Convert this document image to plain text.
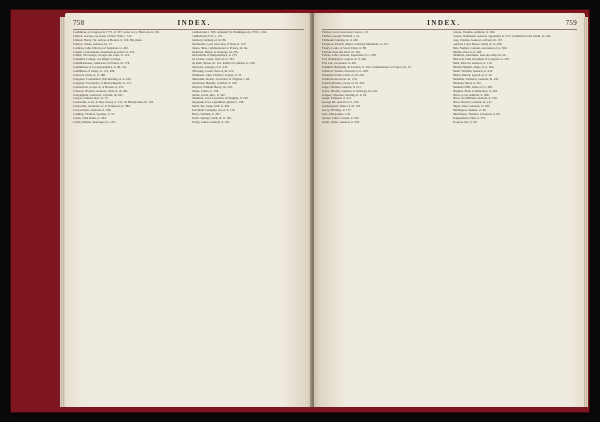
758	INDEX.

Committee at Congress in 1775, ii. 337. Letter of, to Hancock, ii. 345.

Clinton, George, Governor of New York, i. 512.

Clinton, Henry, Sir, arrives at Boston, ii. 210. His plans.

Clinton, James, General, iii. 17.

Cochran, John, Director of hospitals, iv. 202.

Colden, Cadwallader, lieutenant-governor, ii. 231.

Collier, Sir George, ravages the coast, iv. 114.

Columbia College, see King's College.

Commissioners, American, in France, iii. 178.

Committees of Correspondence, ii. 96, 132.

Committee of Safety, ii. 174, 208.

Concord, battle of, ii. 188.

Congress, Continental, first meeting of, ii. 160.

Congress, Provincial, of Massachusetts, ii. 171.

Connecticut, troops of, at Boston, ii. 252.

Conway, Thomas, General, cabal of, iii. 281.

Conyngham, Gustavus, Captain, iii. 201.

Cooper, Samuel, Rev., ii. 57.

Cornwallis, Lord, in New Jersey, ii. 412. At Brandywine, iii. 150.

Cornwallis, surrender of, at Yorktown, iv. 389.

Crown Point, captured, ii. 198.

Cushing, Thomas, Speaker, ii. 74.

Custis, John Parke, iv. 393.

Custis, Martha, marriage of, i. 221.

Cumberland, i. 380. Attended by Washington in 1756, i. 292.

Cumberland, Fort, i. 131.

Danbury, burning of, iii. 80.

Dartmouth, Lord, Secretary of State, ii. 103.

Deane, Silas, commissioner to France, iii. 64.

Dearborn, Henry, at Saratoga, iii. 235.

Declaration of Independence, ii. 275.

De Grasse, Count, fleet of, iv. 334.

De Kalb, Baron, iii. 112. Killed at Camden, iv. 236.

Delaware, passage of, ii. 433.

D'Estaing, Count, fleet of, iii. 412.

Dickinson, John, Farmer's Letters, ii. 55.

Dinwiddie, Robert, Governor of Virginia, i. 68.

Dorchester Heights, fortified, ii. 259.

Drayton, William Henry, iii. 318.

Duane, James, ii. 156.

Duché, Jacob, Rev., ii. 162.

Dunmore, Lord, Governor of Virginia, ii. 199.

Duquesne, Fort, expedition against, i. 198.

Dutch, the, treaty with, iv. 402.

East India Company, tea of, ii. 116.

Ellery, William, ii. 281.

Eutaw Springs, battle of, iv. 361.

Ewing, James, General, ii. 431.

INDEX.	759

Fairfax, Lord, Greenway Court, i. 19.

Fairfax, George William, i. 21.

Falmouth, burning of, ii. 240.

Ferguson, Patrick, Major, at King's Mountain, iv. 231.

Fleury, Louis, at Stony Point, iv. 88.

Florida, East and West, iii. 391.

Forbes, John, General, expedition of, i. 228.

Fort Washington, capture of, ii. 402.

Fort Lee, evacuated, ii. 405.

Franklin, Benjamin, in London, ii. 136. Commissioner to France, iii. 13.

Fraunces' Tavern, farewell at, iv. 458.

Freeman's Farm, battle of, iii. 232.

Frederick the Great, iii. 176.

French Alliance, treaty of, iii. 352.

Gage, Thomas, General, ii. 151.

Gates, Horatio, General, at Saratoga, iii. 232.

Gaspee, schooner, burning of, ii. 93.

Genet, Edmond, iv. 471.

George III., speech of, ii. 243.

Germantown, battle of, iii. 163.

Gerry, Elbridge, ii. 177.

Gist, Christopher, i. 81.

Glover, John, Colonel, ii. 332.

Grant, James, General, ii. 318.

Graves, Thomas, Admiral, iv. 364.

Greene, Nathanael, General, appointed, ii. 213. Command in the South, iv. 242.

Grey, Charles, General, at Paoli, iii. 157.

Guilford Court House, battle of, iv. 296.

Hale, Nathan, Captain, execution of, ii. 369.

Halifax, fleet at, ii. 290.

Hamilton, Alexander, aide-de-camp, iii. 24.

Hancock, John, President of Congress, ii. 207.

Hand, Edward, General, iv. 110.

Harlem Heights, battle of, ii. 364.

Heath, William, General, ii. 216.

Henry, Patrick, speech of, ii. 32.

Herkimer, Nicholas, General, iii. 191.

Hessians, hired, ii. 252.

Hobkirk's Hill, battle of, iv. 309.

Hopkins, Esek, Commodore, ii. 263.

Howe, Lord, Admiral, ii. 296.

Howe, Sir William, General, ii. 210.

Howe, Robert, General, iii. 417.

Huger, Isaac, General, iv. 283.

Huntington, Samuel, iv. 82.

Hutchinson, Thomas, Governor, ii. 83.

Independence Hall, ii. 272.

Iroquois, the, iv. 96.
